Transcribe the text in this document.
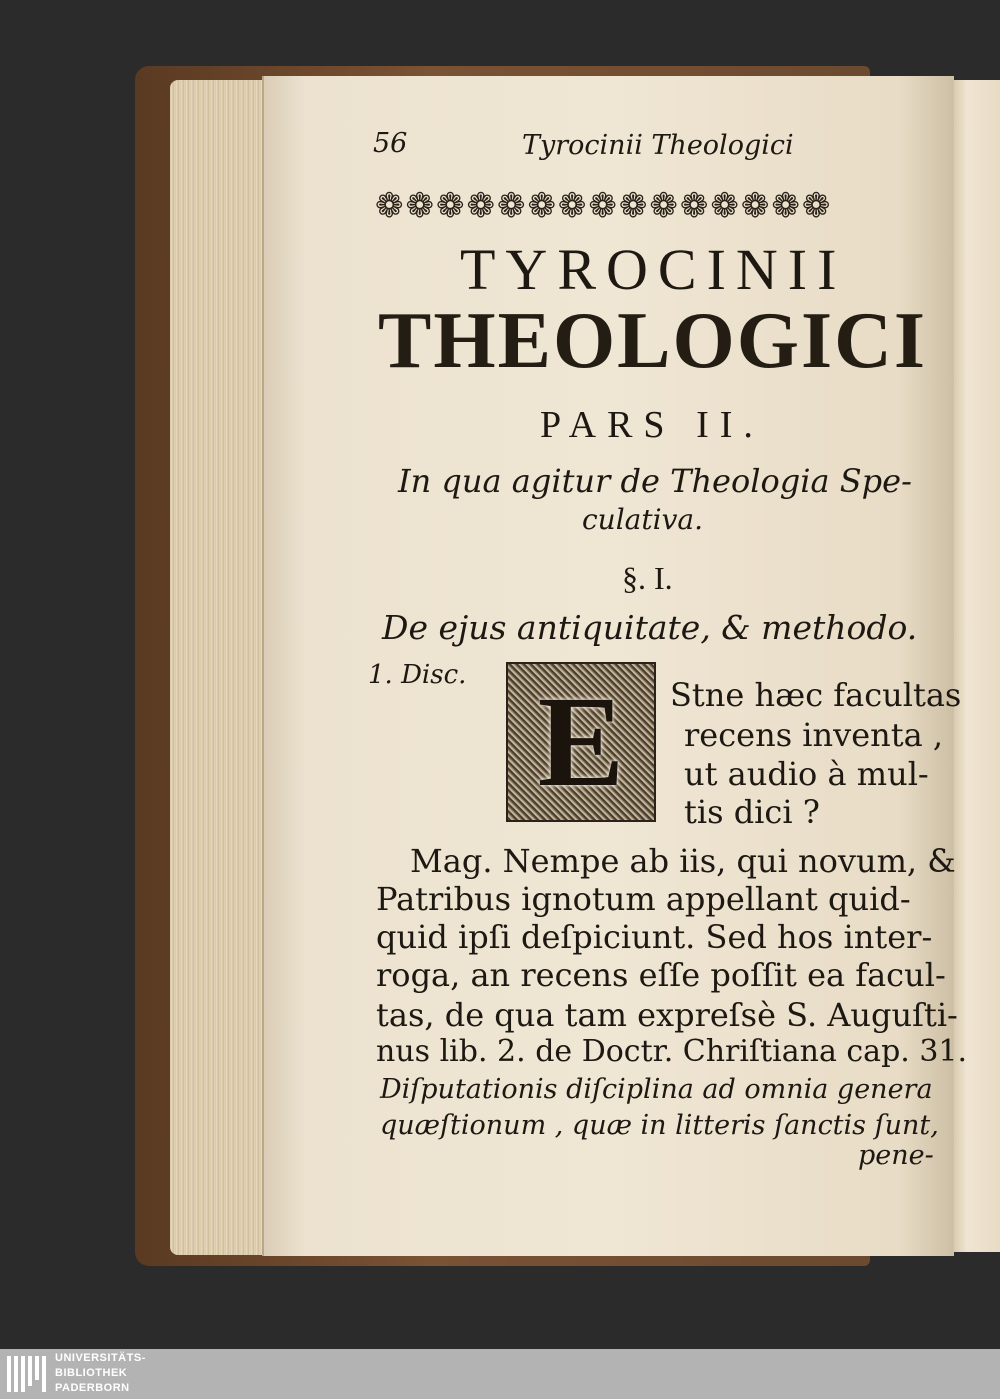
56	Tyrocinii Theologici
❁❁❁❁❁❁❁❁❁❁❁❁❁❁❁
TYROCINII
THEOLOGICI
PARS II.
In qua agitur de Theologia Spe-
culativa.
§. I.
De ejus antiquitate, & methodo.
1. Disc. E	Stne hæc facultas
recens inventa ,
ut audio à mul-
tis dici ?
Mag. Nempe ab iis, qui novum, &
Patribus ignotum appellant quid-
quid ipſi deſpiciunt. Sed hos inter-
roga, an recens eſſe poſſit ea facul-
tas, de qua tam expreſsè S. Auguſti-
nus lib. 2. de Doctr. Chriſtiana cap. 31.
Diſputationis diſciplina ad omnia genera
quæſtionum , quæ in litteris ſanctis ſunt,
pene-
UNIVERSITÄTS-
BIBLIOTHEK
PADERBORN
